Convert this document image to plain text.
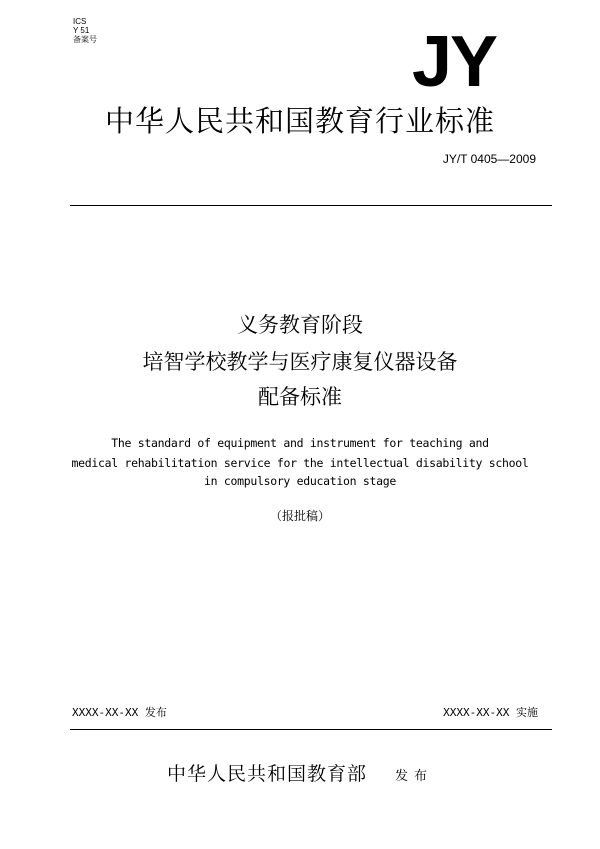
ICS
Y 51
备案号	JY
中华人民共和国教育行业标准
JY/T 0405—2009
义务教育阶段
培智学校教学与医疗康复仪器设备
配备标准
The standard of equipment and instrument for teaching and
medical rehabilitation service for the intellectual disability school
in compulsory education stage
（报批稿）
XXXX-XX-XX 发布	XXXX-XX-XX 实施
中华人民共和国教育部 发布
